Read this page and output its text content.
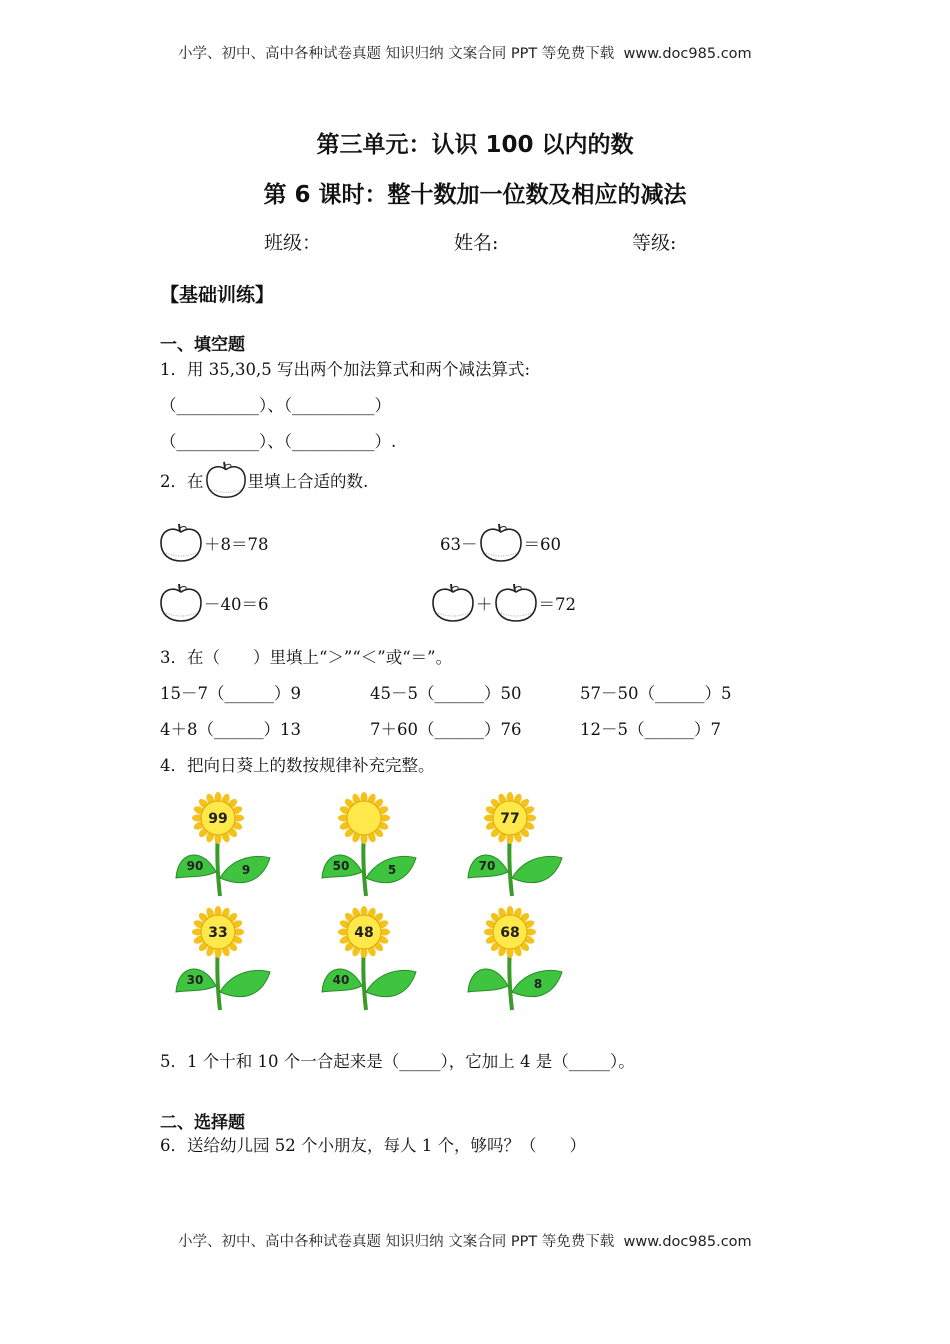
小学、初中、高中各种试卷真题 知识归纳 文案合同 PPT 等免费下载 www.doc985.com
第三单元：认识 100 以内的数
第 6 课时：整十数加一位数及相应的减法
班级：	姓名:	等级:
【基础训练】
一、填空题
1．用 35,30,5 写出两个加法算式和两个减法算式:
（__________）、（__________）
（__________）、（__________）.
2．在	里填上合适的数.
＋8＝78	63－	＝60
－40＝6	＋	＝72
3．在（　　）里填上“＞”“＜”或“＝”。
15－7（______）9	45－5（______）50	57－50（______）5
4＋8（______）13	7＋60（______）76	12－5（______）7
4．把向日葵上的数按规律补充完整。
99
90	9	50	5
77
70
33
30
48
40
68
8
5．1 个十和 10 个一合起来是（_____），它加上 4 是（_____）。
二、选择题
6．送给幼儿园 52 个小朋友，每人 1 个，够吗？（　　）
小学、初中、高中各种试卷真题 知识归纳 文案合同 PPT 等免费下载 www.doc985.com
